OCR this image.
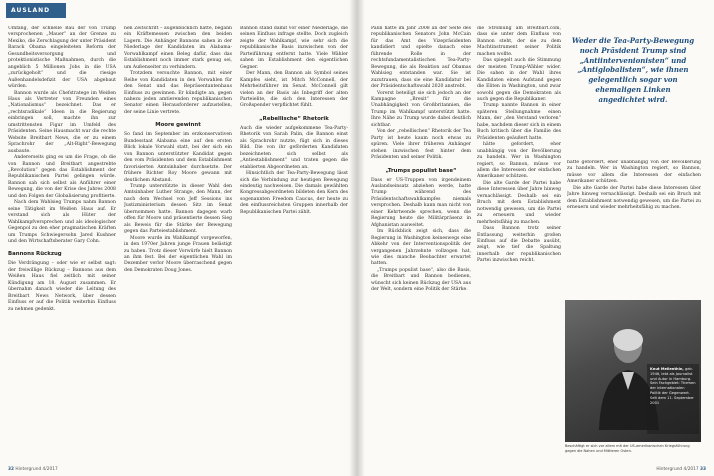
AUSLAND

Umfang, der schnelle Bau der von Trump versprochenen „Mauer“ an der Grenze zu Mexiko, die Zerschlagung der unter Präsident Barack Obama eingeleiteten Reform der Gesundheitsversorgung und protektionistische Maßnahmen, durch die angeblich 5 Millionen Jobs in die USA „zurückgeholt“ und die riesige Außenhandelsdefizit der USA abgebaut würden.

Bannon wurde als Chefstratege im Weißen Haus als Vertreter von Freunden eines „Nationalismus“ bezeichnet. Das er „rechtsradikale“ Ideen in die Regierung einbringen soll, machte ihn zur umstrittensten Figur im Umfeld des Präsidenten. Seine Hausmacht war die rechte Website Breitbart News, die er zu einem Sprachrohr der „Alt-Right“-Bewegung ausbaute.

Andererseits ging es um die Frage, ob die von Bannon und Breitbart angestrebte „Revolution“ gegen das Establishment der Republikanischen Partei gelingen würde. Bannon sah sich selbst als Anführer einer Bewegung, die von der Krise des Jahres 2008 und den Folgen der Globalisierung profitierte.

Nach dem Wahlsieg Trumps nahm Bannon seine Tätigkeit im Weißen Haus auf. Er verstand sich als Hüter der Wahlkampfversprechen und als ideologischer Gegenpol zu den eher pragmatischen Kräften um Trumps Schwiegersohn Jared Kushner und den Wirtschaftsberater Gary Cohn.

Bannons Rückzug

Die Verdrängung – oder wie er selbst sagt: der freiwillige Rückzug – Bannons aus dem Weißen Haus fiel zeitlich mit seiner Kündigung am 18. August zusammen. Er übernahm danach wieder die Leitung des Breitbart News Network, über dessen Einfluss er auf die Politik weiterhin Einfluss zu nehmen gedenkt.

nen Zeitschrift – augenblicklich hatte, begann ein Kräftemessen zwischen den beiden Lagern. Die Anhänger Bannons sahen in der Niederlage der Kandidaten im Alabama-Vorwahlkampf einen Beleg dafür, dass das Establishment noch immer stark genug sei, um Außenseiter zu verhindern.

Trotzdem versuchte Bannon, mit einer Reihe von Kandidaten in den Vorwahlen für den Senat und das Repräsentantenhaus Einfluss zu gewinnen. Er kündigte an, gegen nahezu jeden amtierenden republikanischen Senator einen Herausforderer aufzustellen, der seine Linie vertrete.

Moore gewinnt

So fand im September im erzkonservativen Bundesstaat Alabama eine auf den ersten Blick lokale Vorwahl statt, bei der sich ein von Bannon unterstützter Kandidat gegen den vom Präsidenten und dem Establishment favorisierten Amtsinhaber durchsetzte. Der frühere Richter Roy Moore gewann mit deutlichem Abstand.

Trump unterstützte in dieser Wahl den Amtsinhaber Luther Strange, den Mann, der nach dem Wechsel von Jeff Sessions ins Justizministerium dessen Sitz im Senat übernommen hatte. Bannon dagegen warb offen für Moore und präsentierte dessen Sieg als Beweis für die Stärke der Bewegung gegen das Parteiestablishment.

Moore wurde im Wahlkampf vorgeworfen, in den 1970er Jahren junge Frauen belästigt zu haben. Trotz dieser Vorwürfe hielt Bannon an ihm fest. Bei der eigentlichen Wahl im Dezember verlor Moore überraschend gegen den Demokraten Doug Jones.

Bannon stand damit vor einer Niederlage, die seinen Einfluss infrage stellte. Doch zugleich zeigte der Wahlkampf, wie sehr sich die republikanische Basis inzwischen von der Parteiführung entfernt hatte. Viele Wähler sahen im Establishment den eigentlichen Gegner.

Der Mann, den Bannon als Symbol seines Kampfes sieht, ist Mitch McConnell, der Mehrheitsführer im Senat. McConnell gilt vielen an der Basis als Inbegriff der alten Parteielite, die sich den Interessen der Großspender verpflichtet fühlt.

„Rebellische“ Rhetorik

Auch die wieder aufgekommene Tea-Party-Rhetorik von Sarah Palin, die Bannon einst als Sprachrohr nutzte, fügt sich in dieses Bild. Die von ihr geförderten Kandidaten bezeichneten sich selbst als „Antiestablishment“ und traten gegen die etablierten Abgeordneten an.

Hinsichtlich der Tea-Party-Bewegung lässt sich die Verbindung zur heutigen Bewegung eindeutig nachweisen. Die damals gewählten Kongressabgeordneten bildeten den Kern des sogenannten Freedom Caucus, der heute zu den einflussreichsten Gruppen innerhalb der Republikanischen Partei zählt.

32 Hintergrund 4/2017

Palin hatte im Jahr 2008 an der Seite des republikanischen Senators John McCain für das Amt des Vizepräsidenten kandidiert und spielte danach eine führende Rolle in der rechtsfundamentalistischen Tea-Party-Bewegung, die als Reaktion auf Obamas Wahlsieg entstanden war. Sie ist zuzutrauen, dass sie eine Kandidatur bei der Präsidentschaftswahl 2020 anstrebt.

Vorerst beteiligt sie sich jedoch an der Kampagne „Brexit“ für die Unabhängigkeit von Großbritannien, die Trump im Wahlkampf unterstützt hatte. Ihre Nähe zu Trump wurde dabei deutlich sichtbar.

Von der „rebellischen“ Rhetorik der Tea Party ist heute kaum noch etwas zu spüren. Viele ihrer früheren Anhänger stehen inzwischen fest hinter dem Präsidenten und seiner Politik.

„Trumps populist base“

Dass er US-Truppen von irgendeinem Auslandseinsatz abziehen werde, hatte Trump während des Präsidentschaftswahlkampfes niemals versprochen. Deshalb kann man nicht von einer Kehrtwende sprechen, wenn die Regierung heute die Militärpräsenz in Afghanistan ausweitet.

Im Rückblick zeigt sich, dass die Regierung in Washington keineswegs eine Abkehr von der Interventionspolitik der vergangenen Jahrzehnte vollzogen hat, wie dies manche Beobachter erwartet hatten.

„Trumps populist base“, also die Basis, die Breitbart und Bannon bedienen, wünscht sich keinen Rückzug der USA aus der Welt, sondern eine Politik der Stärke.

die Strömung am Breitbart.com, dass sie unter dem Einfluss von Bannon steht, der sie zu dem Machtinstrument seiner Politik machen wollte.

Das spiegelt auch die Stimmung der meisten Trump-Wähler wider. Die sahen in der Wahl ihres Kandidaten einen Aufstand gegen die Eliten in Washington, und zwar sowohl gegen die Demokraten als auch gegen die Republikaner.

Trump nannte Bannon in einer späteren Stellungnahme einen Mann, der „den Verstand verloren“ habe, nachdem dieser sich in einem Buch kritisch über die Familie des Präsidenten geäußert hatte.

hätte gefordert, eher unabhängig von der Bevölkerung zu handeln. Wer in Washington regiert, so Bannon, müsse vor allem die Interessen der einfachen Amerikaner schützen.

Die alte Garde der Partei habe diese Interessen über Jahre hinweg vernachlässigt. Deshalb sei ein Bruch mit dem Establishment notwendig gewesen, um die Partei zu erneuern und wieder mehrheitsfähig zu machen.

Dass Bannon trotz seiner Entlassung weiterhin großen Einfluss auf die Debatte ausübt, zeigt, wie tief die Spaltung innerhalb der republikanischen Partei inzwischen reicht.

Weder die Tea-Party-Bewegung noch Präsident Trump sind „Antiintervenionisten“ und „Antiglobalisten“, wie ihnen gelegentlich sogar von ehemaligen Linken angedichtet wird.

hätte gefordert, eher unabhängig von der Bevölkerung zu handeln. Wer in Washington regiert, so Bannon, müsse vor allem die Interessen der einfachen Amerikaner schützen.

Die alte Garde der Partei habe diese Interessen über Jahre hinweg vernachlässigt. Deshalb sei ein Bruch mit dem Establishment notwendig gewesen, um die Partei zu erneuern und wieder mehrheitsfähig zu machen.

Knut Mellenthin, geb. 1946, lebt als Journalist und Autor in Hamburg. Sein Fachgebiet: Themen der internationalen Politik der Gegenwart. Seit dem 11. September 2001
Beschäftigt er sich vor allem mit der US-amerikanischen Kriegsführung gegen die Nahen und Mittleren Osten.
Hintergrund 4/2017 33
